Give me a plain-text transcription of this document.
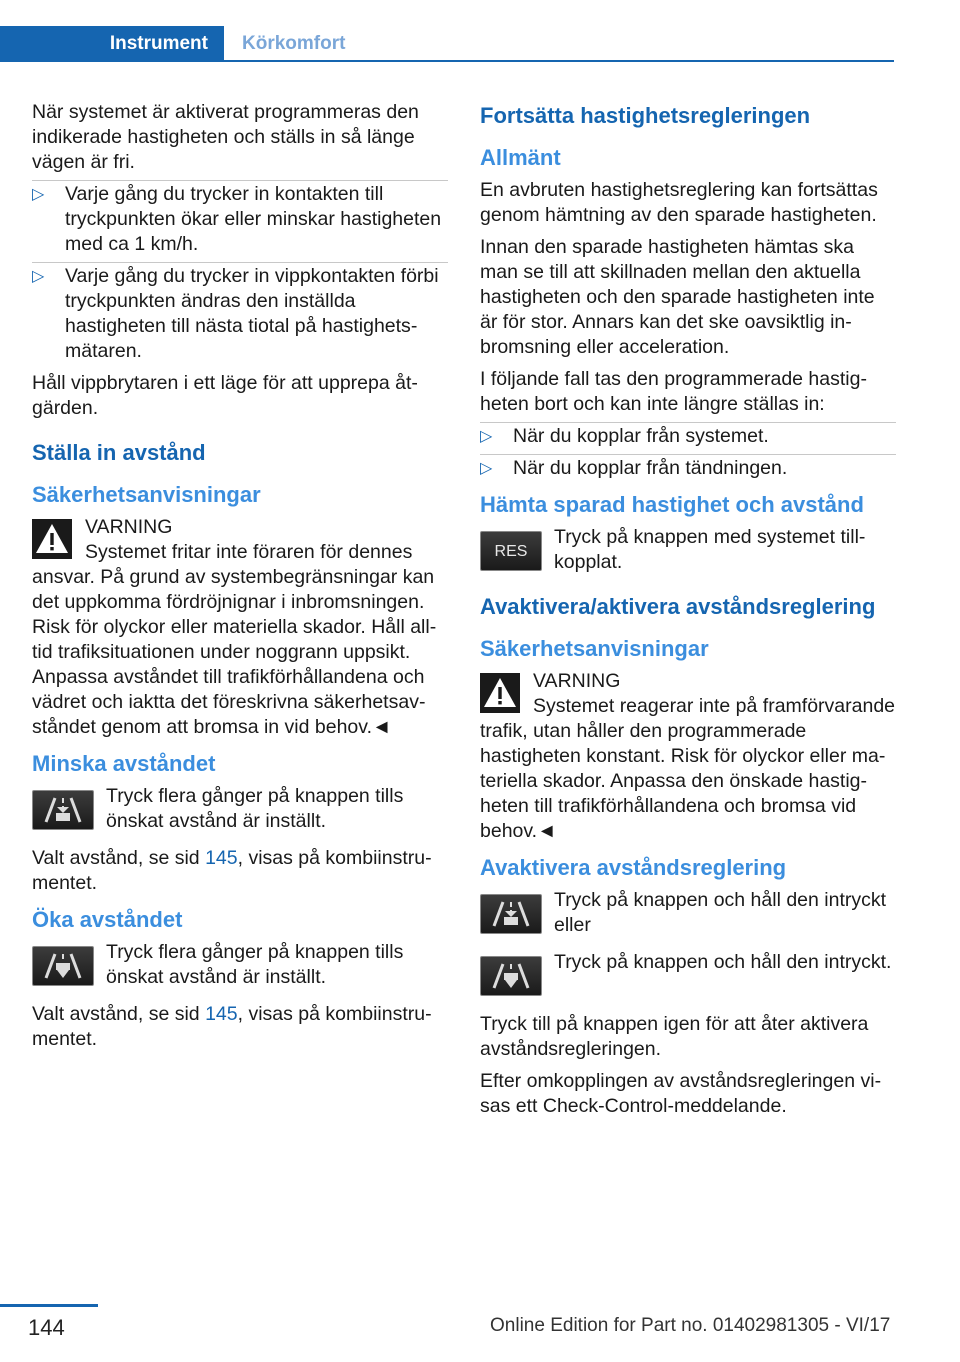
Instrument	Körkomfort

När systemet är aktiverat programmeras den indikerade hastigheten och ställs in så länge vägen är fri.

▷ Varje gång du trycker in kontakten till tryckpunkten ökar eller minskar hastigheten med ca 1 km/h.
▷ Varje gång du trycker in vippkontakten förbi tryckpunkten ändras den inställda hastigheten till nästa tiotal på hastighetsmätaren.

Håll vippbrytaren i ett läge för att upprepa åtgärden.

Ställa in avstånd
Säkerhetsanvisningar
VARNING
Systemet fritar inte föraren för dennes ansvar. På grund av systembegränsningar kan det uppkomma fördröjnignar i inbromsningen. Risk för olyckor eller materiella skador. Håll alltid trafiksituationen under noggrann uppsikt. Anpassa avståndet till trafikförhållandena och vädret och iaktta det föreskrivna säkerhetsavståndet genom att bromsa in vid behov.◄
Minska avståndet
Tryck flera gånger på knappen tills önskat avstånd är inställt.

Valt avstånd, se sid 145, visas på kombiinstrumentet.

Öka avståndet
Tryck flera gånger på knappen tills önskat avstånd är inställt.

Valt avstånd, se sid 145, visas på kombiinstrumentet.

Fortsätta hastighetsregleringen
Allmänt

En avbruten hastighetsreglering kan fortsättas genom hämtning av den sparade hastigheten.

Innan den sparade hastigheten hämtas ska man se till att skillnaden mellan den aktuella hastigheten och den sparade hastigheten inte är för stor. Annars kan det ske oavsiktlig inbromsning eller acceleration.

I följande fall tas den programmerade hastigheten bort och kan inte längre ställas in:

▷ När du kopplar från systemet.
▷ När du kopplar från tändningen.
Hämta sparad hastighet och avstånd
RES
Tryck på knappen med systemet tillkopplat.
Avaktivera/aktivera avståndsreglering
Säkerhetsanvisningar
VARNING
Systemet reagerar inte på framförvarande trafik, utan håller den programmerade hastigheten konstant. Risk för olyckor eller materiella skador. Anpassa den önskade hastigheten till trafikförhållandena och bromsa vid behov.◄
Avaktivera avståndsreglering
Tryck på knappen och håll den intryckt eller
Tryck på knappen och håll den intryckt.

Tryck till på knappen igen för att åter aktivera avståndsregleringen.

Efter omkopplingen av avståndsregleringen visas ett Check-Control-meddelande.

144	Online Edition for Part no. 01402981305 - VI/17
